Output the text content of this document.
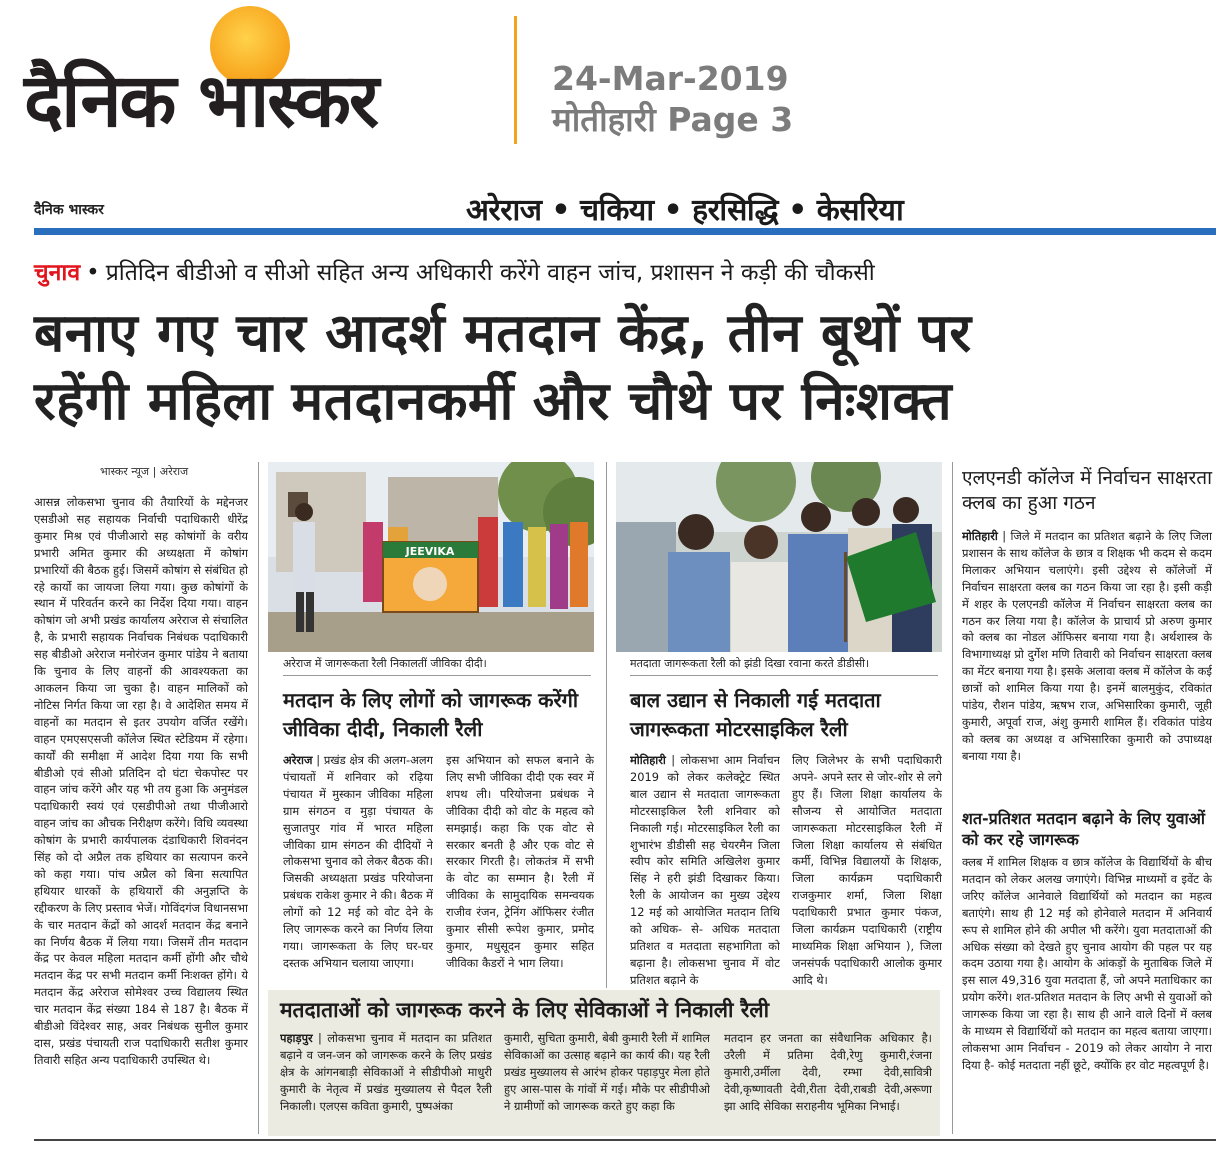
दैनिक भास्कर	24-Mar-2019
मोतीहारी Page 3
दैनिक भास्कर	अरेराज • चकिया • हरसिद्धि • केसरिया
चुनाव • प्रतिदिन बीडीओ व सीओ सहित अन्य अधिकारी करेंगे वाहन जांच, प्रशासन ने कड़ी की चौकसी
बनाए गए चार आदर्श मतदान केंद्र, तीन बूथों पर
रहेंगी महिला मतदानकर्मी और चौथे पर निःशक्त
भास्कर न्यूज | अरेराज
आसन्न लोकसभा चुनाव की तैयारियों के मद्देनजर एसडीओ सह सहायक निर्वाची पदाधिकारी धीरेंद्र कुमार मिश्र एवं पीजीआरो सह कोषांगों के वरीय प्रभारी अमित कुमार की अध्यक्षता में कोषांग प्रभारियों की बैठक हुई। जिसमें कोषांग से संबंधित हो रहे कार्यो का जायजा लिया गया। कुछ कोषांगों के स्थान में परिवर्तन करने का निर्देश दिया गया। वाहन कोषांग जो अभी प्रखंड कार्यालय अरेराज से संचालित है, के प्रभारी सहायक निर्वाचक निबंधक पदाधिकारी सह बीडीओ अरेराज मनोरंजन कुमार पांडेय ने बताया कि चुनाव के लिए वाहनों की आवश्यकता का आकलन किया जा चुका है। वाहन मालिकों को नोटिस निर्गत किया जा रहा है। वे आदेशित समय में वाहनों का मतदान से इतर उपयोग वर्जित रखेंगे। वाहन एमएसएसजी कॉलेज स्थित स्टेडियम में रहेगा। कार्यों की समीक्षा में आदेश दिया गया कि सभी बीडीओ एवं सीओ प्रतिदिन दो घंटा चेकपोस्ट पर वाहन जांच करेंगे और यह भी तय हुआ कि अनुमंडल पदाधिकारी स्वयं एवं एसडीपीओ तथा पीजीआरो वाहन जांच का औचक निरीक्षण करेंगे। विधि व्यवस्था कोषांग के प्रभारी कार्यपालक दंडाधिकारी शिवनंदन सिंह को दो अप्रैल तक हथियार का सत्यापन करने को कहा गया। पांच अप्रैल को बिना सत्यापित हथियार धारकों के हथियारों की अनुज्ञप्ति के रद्दीकरण के लिए प्रस्ताव भेजें। गोविंदगंज विधानसभा के चार मतदान केंद्रों को आदर्श मतदान केंद्र बनाने का निर्णय बैठक में लिया गया। जिसमें तीन मतदान केंद्र पर केवल महिला मतदान कर्मी होंगी और चौथे मतदान केंद्र पर सभी मतदान कर्मी निःशक्त होंगे। ये मतदान केंद्र अरेराज सोमेश्वर उच्च विद्यालय स्थित चार मतदान केंद्र संख्या 184 से 187 है। बैठक में बीडीओ विंदेश्वर साह, अवर निबंधक सुनील कुमार दास, प्रखंड पंचायती राज पदाधिकारी सतीश कुमार तिवारी सहित अन्य पदाधिकारी उपस्थित थे।
JEEVIKA
अरेराज में जागरूकता रैली निकालतीं जीविका दीदी।
मतदान के लिए लोगों को जागरूक करेंगी जीविका दीदी, निकाली रैली
अरेराज | प्रखंड क्षेत्र की अलग-अलग पंचायतों में शनिवार को रढ़िया पंचायत में मुस्कान जीविका महिला ग्राम संगठन व मुड़ा पंचायत के सुजातपुर गांव में भारत महिला जीविका ग्राम संगठन की दीदियों ने लोकसभा चुनाव को लेकर बैठक की। जिसकी अध्यक्षता प्रखंड परियोजना प्रबंधक राकेश कुमार ने की। बैठक में लोगों को 12 मई को वोट देने के लिए जागरूक करने का निर्णय लिया गया। जागरूकता के लिए घर-घर दस्तक अभियान चलाया जाएगा।
इस अभियान को सफल बनाने के लिए सभी जीविका दीदी एक स्वर में शपथ ली। परियोजना प्रबंधक ने जीविका दीदी को वोट के महत्व को समझाई। कहा कि एक वोट से सरकार बनती है और एक वोट से सरकार गिरती है। लोकतंत्र में सभी के वोट का सम्मान है। रैली में जीविका के सामुदायिक समन्वयक राजीव रंजन, ट्रेनिंग ऑफिसर रंजीत कुमार सीसी रूपेश कुमार, प्रमोद कुमार, मधुसूदन कुमार सहित जीविका कैडरों ने भाग लिया।
मतदाता जागरूकता रैली को झंडी दिखा रवाना करते डीडीसी।
बाल उद्यान से निकाली गई मतदाता जागरूकता मोटरसाइकिल रैली
मोतिहारी | लोकसभा आम निर्वाचन 2019 को लेकर कलेक्ट्रेट स्थित बाल उद्यान से मतदाता जागरूकता मोटरसाइकिल रैली शनिवार को निकाली गई। मोटरसाइकिल रैली का शुभारंभ डीडीसी सह चेयरमैन जिला स्वीप कोर समिति अखिलेश कुमार सिंह ने हरी झंडी दिखाकर किया। रैली के आयोजन का मुख्य उद्देश्य 12 मई को आयोजित मतदान तिथि को अधिक- से- अधिक मतदाता प्रतिशत व मतदाता सहभागिता को बढ़ाना है। लोकसभा चुनाव में वोट प्रतिशत बढ़ाने के
लिए जिलेभर के सभी पदाधिकारी अपने- अपने स्तर से जोर-शोर से लगे हुए हैं। जिला शिक्षा कार्यालय के सौजन्य से आयोजित मतदाता जागरूकता मोटरसाइकिल रैली में जिला शिक्षा कार्यालय से संबंधित कर्मी, विभिन्न विद्यालयों के शिक्षक, जिला कार्यक्रम पदाधिकारी राजकुमार शर्मा, जिला शिक्षा पदाधिकारी प्रभात कुमार पंकज, जिला कार्यक्रम पदाधिकारी (राष्ट्रीय माध्यमिक शिक्षा अभियान ), जिला जनसंपर्क पदाधिकारी आलोक कुमार आदि थे।
मतदाताओं को जागरूक करने के लिए सेविकाओं ने निकाली रैली
पहाड़पुर | लोकसभा चुनाव में मतदान का प्रतिशत बढ़ाने व जन-जन को जागरूक करने के लिए प्रखंड क्षेत्र के आंगनबाड़ी सेविकाओं ने सीडीपीओ माधुरी कुमारी के नेतृत्व में प्रखंड मुख्यालय से पैदल रैली निकाली। एलएस कविता कुमारी, पुष्पअंका
कुमारी, सुचिता कुमारी, बेबी कुमारी रैली में शामिल सेविकाओं का उत्साह बढ़ाने का कार्य की। यह रैली प्रखंड मुख्यालय से आरंभ होकर पहाड़पुर मेला होते हुए आस-पास के गांवों में गई। मौके पर सीडीपीओ ने ग्रामीणों को जागरूक करते हुए कहा कि
मतदान हर जनता का संवैधानिक अधिकार है। उरैली में प्रतिमा देवी,रेणु कुमारी,रंजना कुमारी,उर्मीला देवी, रम्भा देवी,सावित्री देवी,कृष्णावती देवी,रीता देवी,राबडी देवी,अरूणा झा आदि सेविका सराहनीय भूमिका निभाई।
एलएनडी कॉलेज में निर्वाचन साक्षरता क्लब का हुआ गठन
मोतिहारी | जिले में मतदान का प्रतिशत बढ़ाने के लिए जिला प्रशासन के साथ कॉलेज के छात्र व शिक्षक भी कदम से कदम मिलाकर अभियान चलाएंगे। इसी उद्देश्य से कॉलेजों में निर्वाचन साक्षरता क्लब का गठन किया जा रहा है। इसी कड़ी में शहर के एलएनडी कॉलेज में निर्वाचन साक्षरता क्लब का गठन कर लिया गया है। कॉलेज के प्राचार्य प्रो अरुण कुमार को क्लब का नोडल ऑफिसर बनाया गया है। अर्थशास्त्र के विभागाध्यक्ष प्रो दुर्गेश मणि तिवारी को निर्वाचन साक्षरता क्लब का मेंटर बनाया गया है। इसके अलावा क्लब में कॉलेज के कई छात्रों को शामिल किया गया है। इनमें बालमुकुंद, रविकांत पांडेय, रौशन पांडेय, ऋषभ राज, अभिसारिका कुमारी, जूही कुमारी, अपूर्वा राज, अंशु कुमारी शामिल हैं। रविकांत पांडेय को क्लब का अध्यक्ष व अभिसारिका कुमारी को उपाध्यक्ष बनाया गया है।
शत-प्रतिशत मतदान बढ़ाने के लिए युवाओं को कर रहे जागरूक
क्लब में शामिल शिक्षक व छात्र कॉलेज के विद्यार्थियों के बीच मतदान को लेकर अलख जगाएंगे। विभिन्न माध्यमों व इवेंट के जरिए कॉलेज आनेवाले विद्यार्थियों को मतदान का महत्व बताएंगे। साथ ही 12 मई को होनेवाले मतदान में अनिवार्य रूप से शामिल होने की अपील भी करेंगे। युवा मतदाताओं की अधिक संख्या को देखते हुए चुनाव आयोग की पहल पर यह कदम उठाया गया है। आयोग के आंकड़ों के मुताबिक जिले में इस साल 49,316 युवा मतदाता हैं, जो अपने मताधिकार का प्रयोग करेंगे। शत-प्रतिशत मतदान के लिए अभी से युवाओं को जागरूक किया जा रहा है। साथ ही आने वाले दिनों में क्लब के माध्यम से विद्यार्थियों को मतदान का महत्व बताया जाएगा। लोकसभा आम निर्वाचन - 2019 को लेकर आयोग ने नारा दिया है- कोई मतदाता नहीं छूटे, क्योंकि हर वोट महत्वपूर्ण है।
